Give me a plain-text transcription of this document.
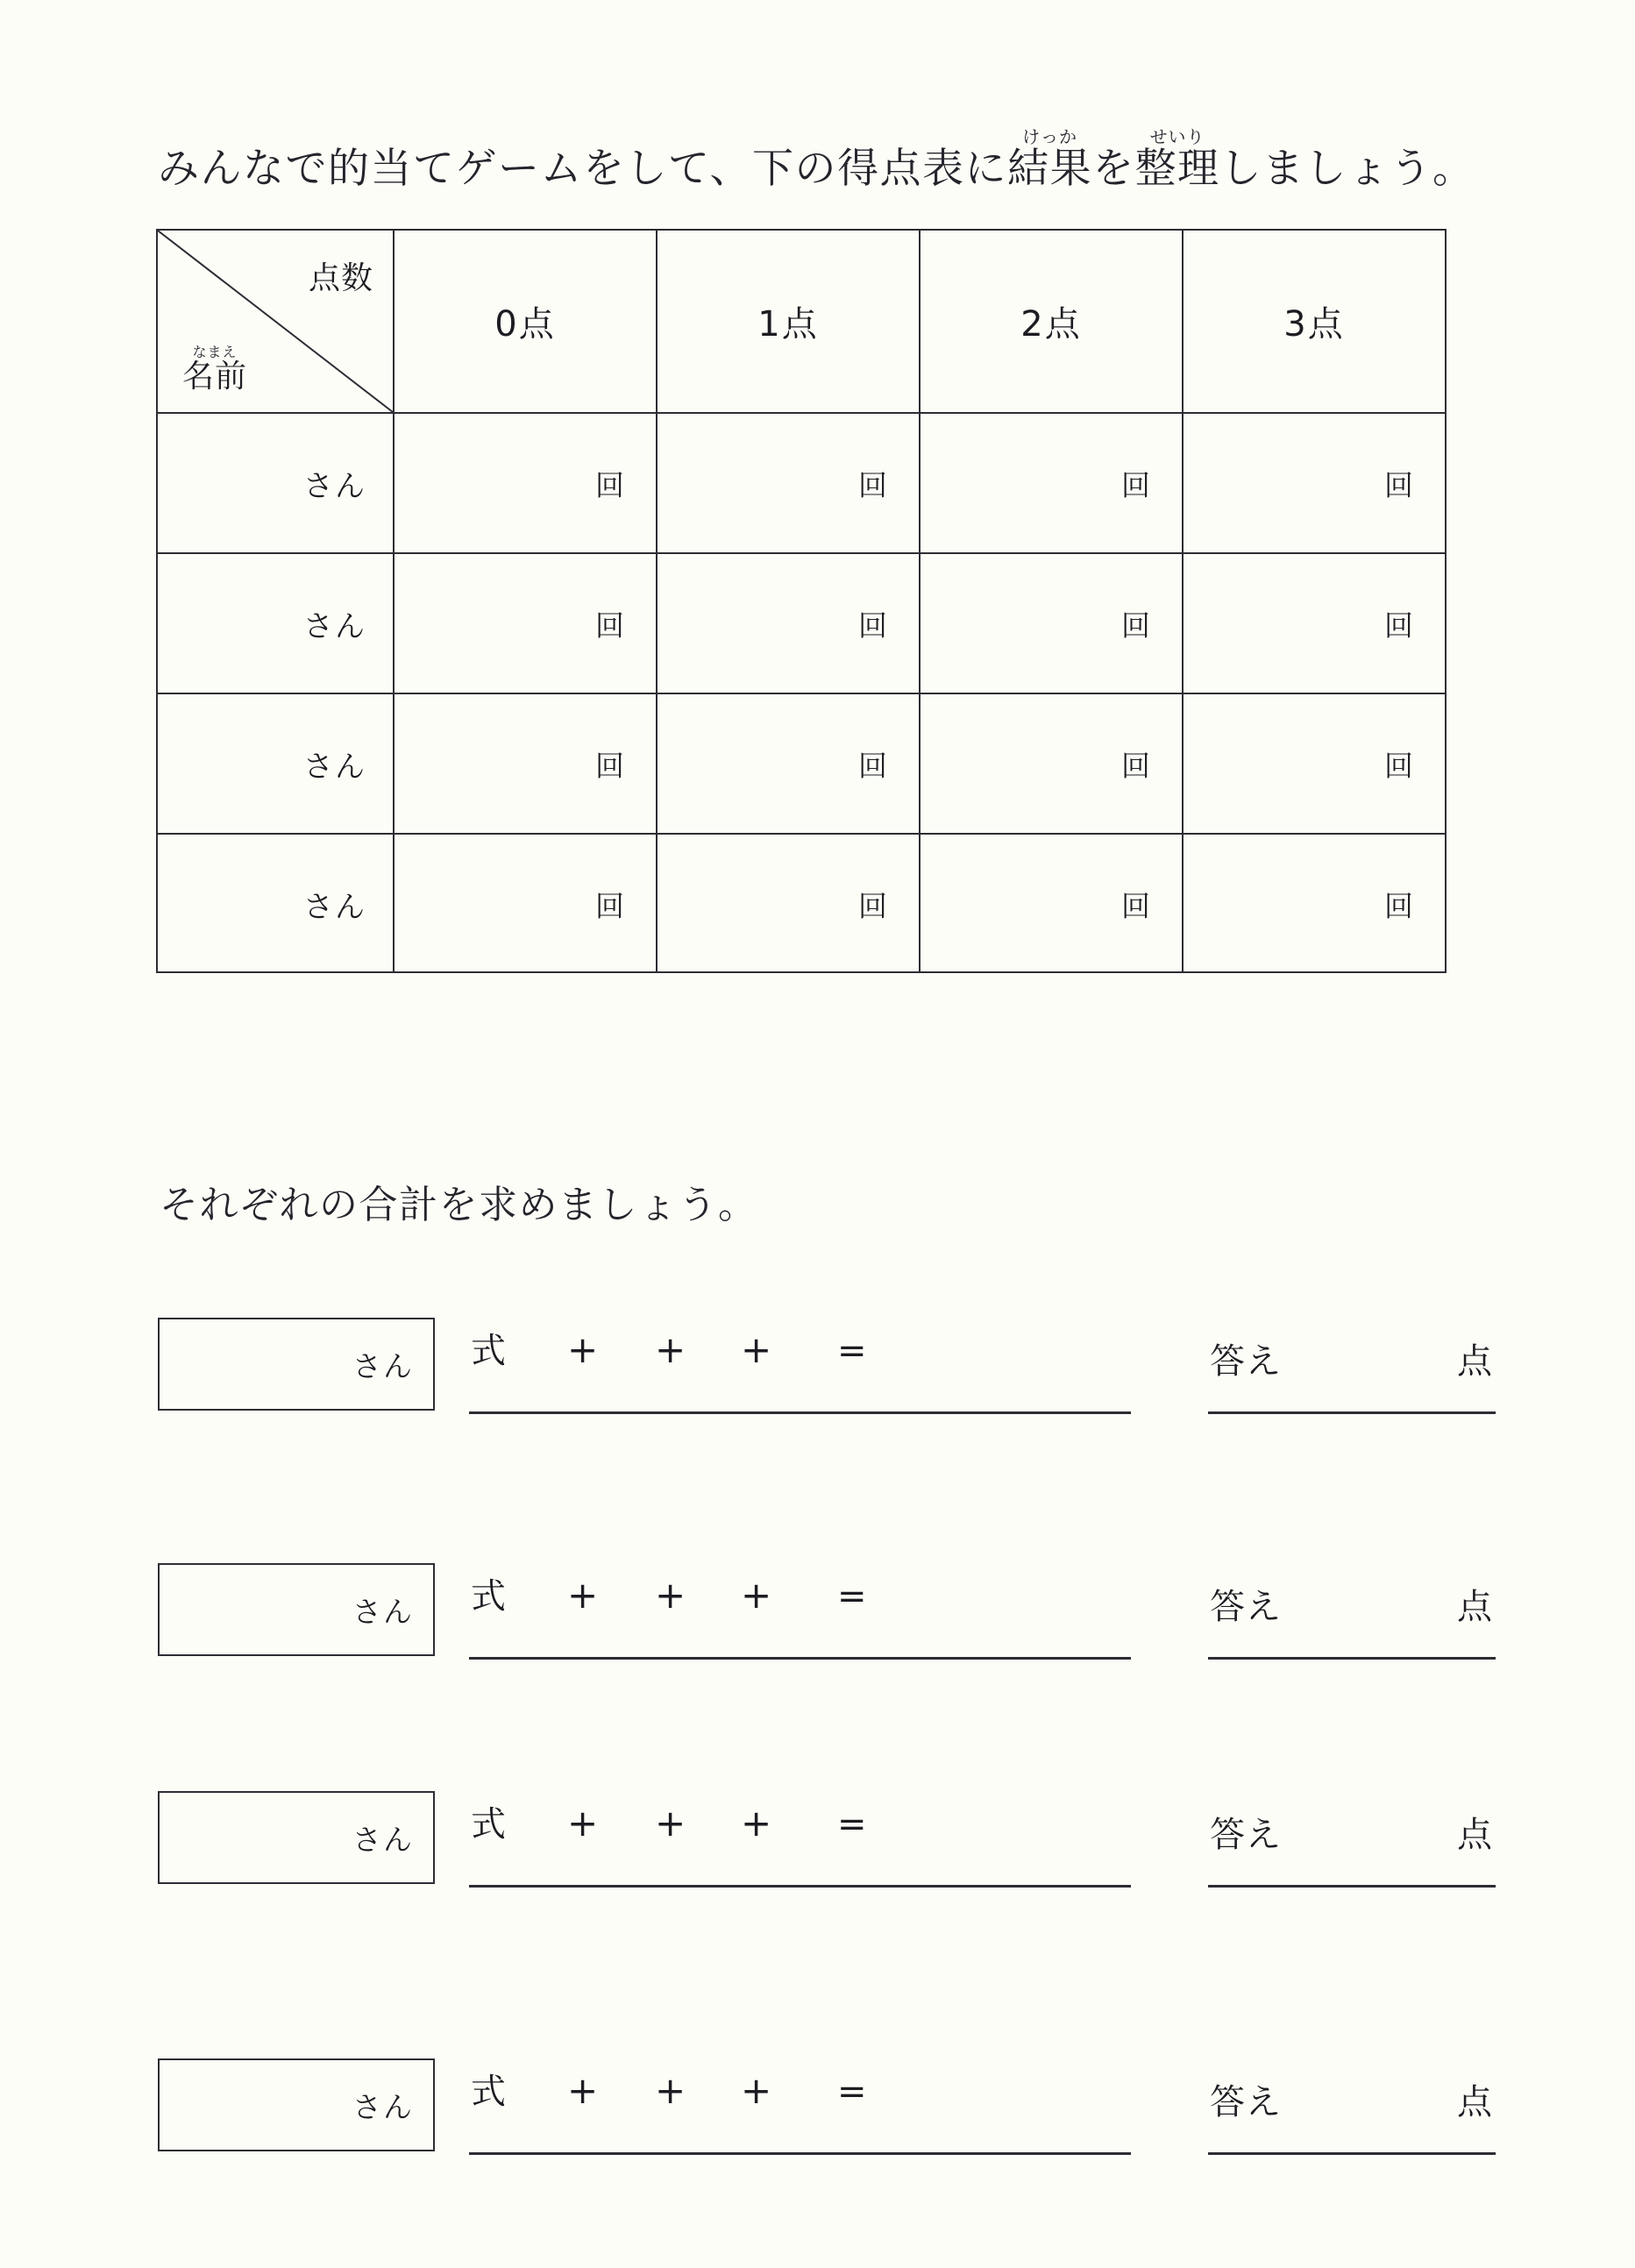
みんなで的当てゲームをして、下の得点表に結果けっかを整理せいりしましょう。
点数
名前なまえ
0点	1点	2点	3点
さん	回	回	回	回
さん	回	回	回	回
さん	回	回	回	回
さん	回	回	回	回
それぞれの合計を求めましょう。
さん 式 + + + =	答え	点
さん 式 + + + =	答え	点
さん 式 + + + =	答え	点
さん 式 + + + =	答え	点
